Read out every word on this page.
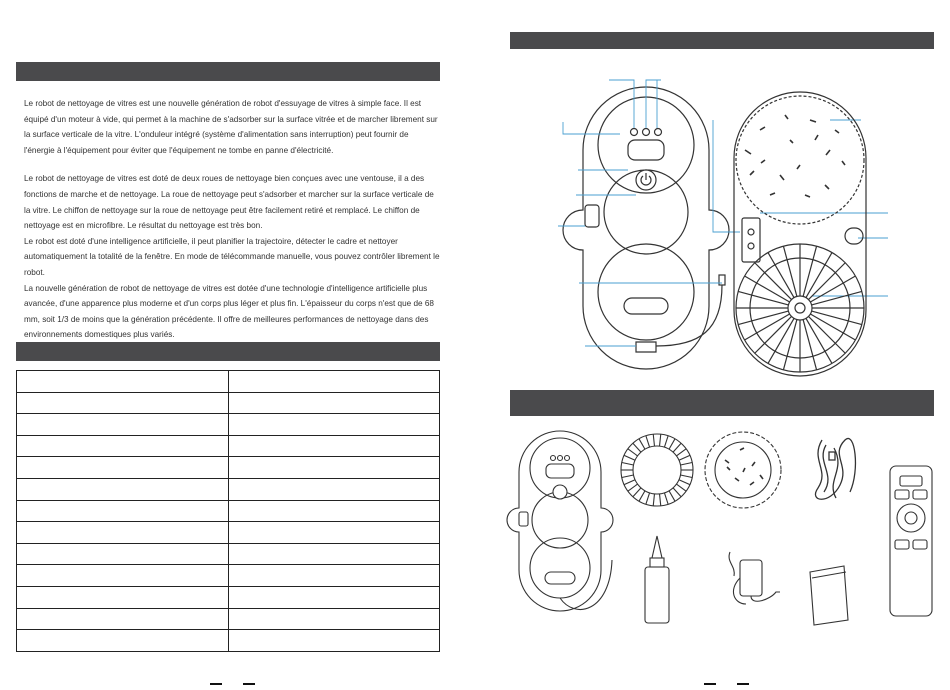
Le robot de nettoyage de vitres est une nouvelle génération de robot d'essuyage de vitres à simple face. Il est équipé d'un moteur à vide, qui permet à la machine de s'adsorber sur la surface vitrée et de marcher librement sur la surface verticale de la vitre. L'onduleur intégré (système d'alimentation sans interruption) peut fournir de l'énergie à l'équipement pour éviter que l'équipement ne tombe en panne d'électricité.

Le robot de nettoyage de vitres est doté de deux roues de nettoyage bien conçues avec une ventouse, il a des fonctions de marche et de nettoyage. La roue de nettoyage peut s'adsorber et marcher sur la surface verticale de la vitre. Le chiffon de nettoyage sur la roue de nettoyage peut être facilement retiré et remplacé. Le chiffon de nettoyage est en microfibre. Le résultat du nettoyage est très bon.

Le robot est doté d'une intelligence artificielle, il peut planifier la trajectoire, détecter le cadre et nettoyer automatiquement la totalité de la fenêtre. En mode de télécommande manuelle, vous pouvez contrôler librement le robot.

La nouvelle génération de robot de nettoyage de vitres est dotée d'une technologie d'intelligence artificielle plus avancée, d'une apparence plus moderne et d'un corps plus léger et plus fin. L'épaisseur du corps n'est que de 68 mm, soit 1/3 de moins que la génération précédente. Il offre de meilleures performances de nettoyage dans des environnements domestiques plus variés.
